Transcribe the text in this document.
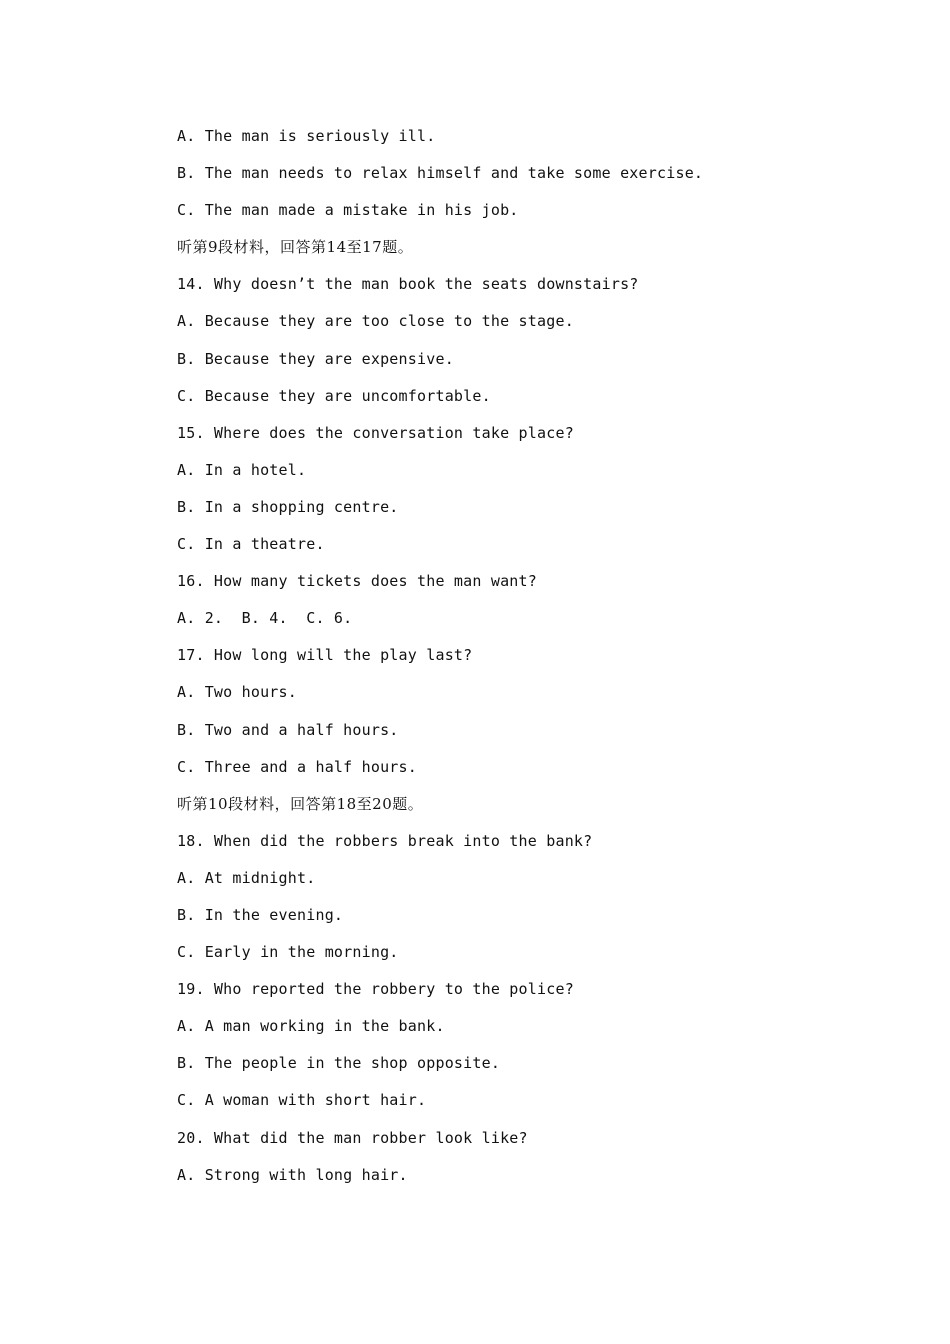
A. The man is seriously ill.
B. The man needs to relax himself and take some exercise.
C. The man made a mistake in his job.
听第9段材料，回答第14至17题。
14. Why doesn’t the man book the seats downstairs?
A. Because they are too close to the stage.
B. Because they are expensive.
C. Because they are uncomfortable.
15. Where does the conversation take place?
A. In a hotel.
B. In a shopping centre.
C. In a theatre.
16. How many tickets does the man want?
A. 2.  B. 4.  C. 6.
17. How long will the play last?
A. Two hours.
B. Two and a half hours.
C. Three and a half hours.
听第10段材料，回答第18至20题。
18. When did the robbers break into the bank?
A. At midnight.
B. In the evening.
C. Early in the morning.
19. Who reported the robbery to the police?
A. A man working in the bank.
B. The people in the shop opposite.
C. A woman with short hair.
20. What did the man robber look like?
A. Strong with long hair.
